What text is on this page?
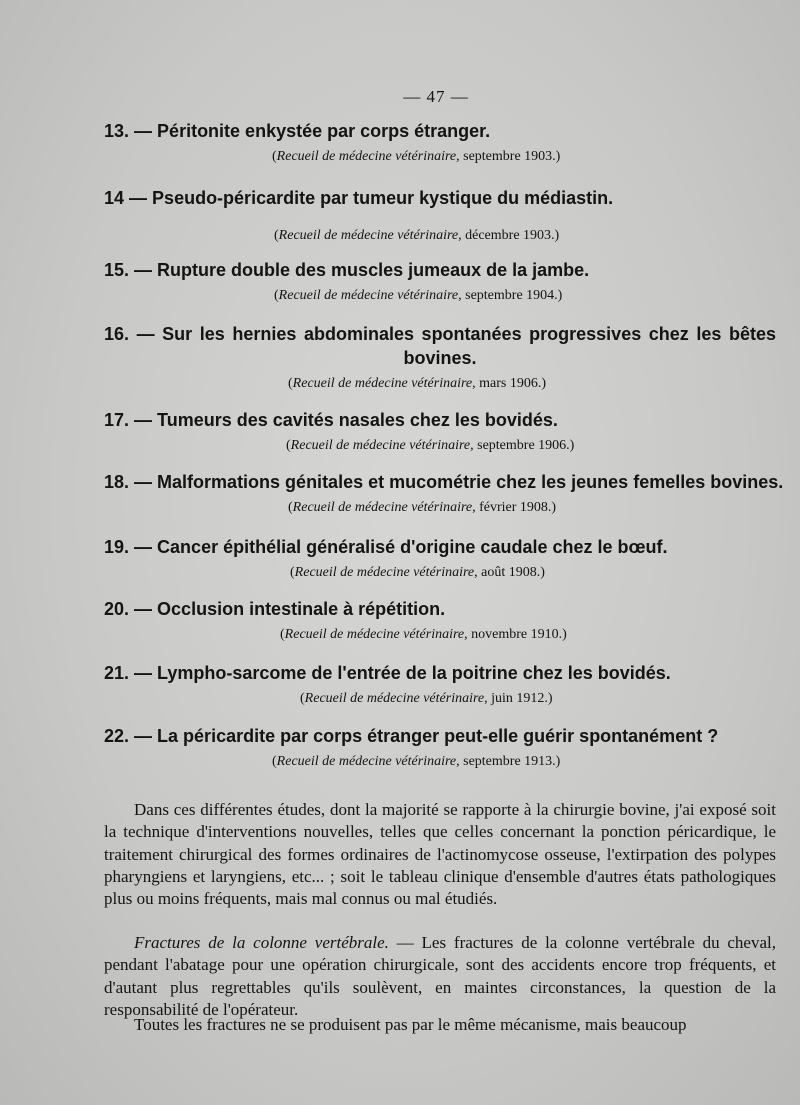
— 47 —

13. — Péritonite enkystée par corps étranger.

(Recueil de médecine vétérinaire, septembre 1903.)

14 — Pseudo-péricardite par tumeur kystique du médiastin.

(Recueil de médecine vétérinaire, décembre 1903.)

15. — Rupture double des muscles jumeaux de la jambe.

(Recueil de médecine vétérinaire, septembre 1904.)

16. — Sur les hernies abdominales spontanées progressives chez les bêtes bovines.

(Recueil de médecine vétérinaire, mars 1906.)

17. — Tumeurs des cavités nasales chez les bovidés.

(Recueil de médecine vétérinaire, septembre 1906.)

18. — Malformations génitales et mucométrie chez les jeunes femelles bovines.

(Recueil de médecine vétérinaire, février 1908.)

19. — Cancer épithélial généralisé d'origine caudale chez le bœuf.

(Recueil de médecine vétérinaire, août 1908.)

20. — Occlusion intestinale à répétition.

(Recueil de médecine vétérinaire, novembre 1910.)

21. — Lympho-sarcome de l'entrée de la poitrine chez les bovidés.

(Recueil de médecine vétérinaire, juin 1912.)

22. — La péricardite par corps étranger peut-elle guérir spontanément ?

(Recueil de médecine vétérinaire, septembre 1913.)

Dans ces différentes études, dont la majorité se rapporte à la chirurgie bovine, j'ai exposé soit la technique d'interventions nouvelles, telles que celles concernant la ponction péricardique, le traitement chirurgical des formes ordinaires de l'actinomycose osseuse, l'extirpation des polypes pharyngiens et laryngiens, etc... ; soit le tableau clinique d'ensemble d'autres états pathologiques plus ou moins fréquents, mais mal connus ou mal étudiés.

Fractures de la colonne vertébrale. — Les fractures de la colonne vertébrale du cheval, pendant l'abatage pour une opération chirurgicale, sont des accidents encore trop fréquents, et d'autant plus regrettables qu'ils soulèvent, en maintes circonstances, la question de la responsabilité de l'opérateur.

Toutes les fractures ne se produisent pas par le même mécanisme, mais beaucoup
